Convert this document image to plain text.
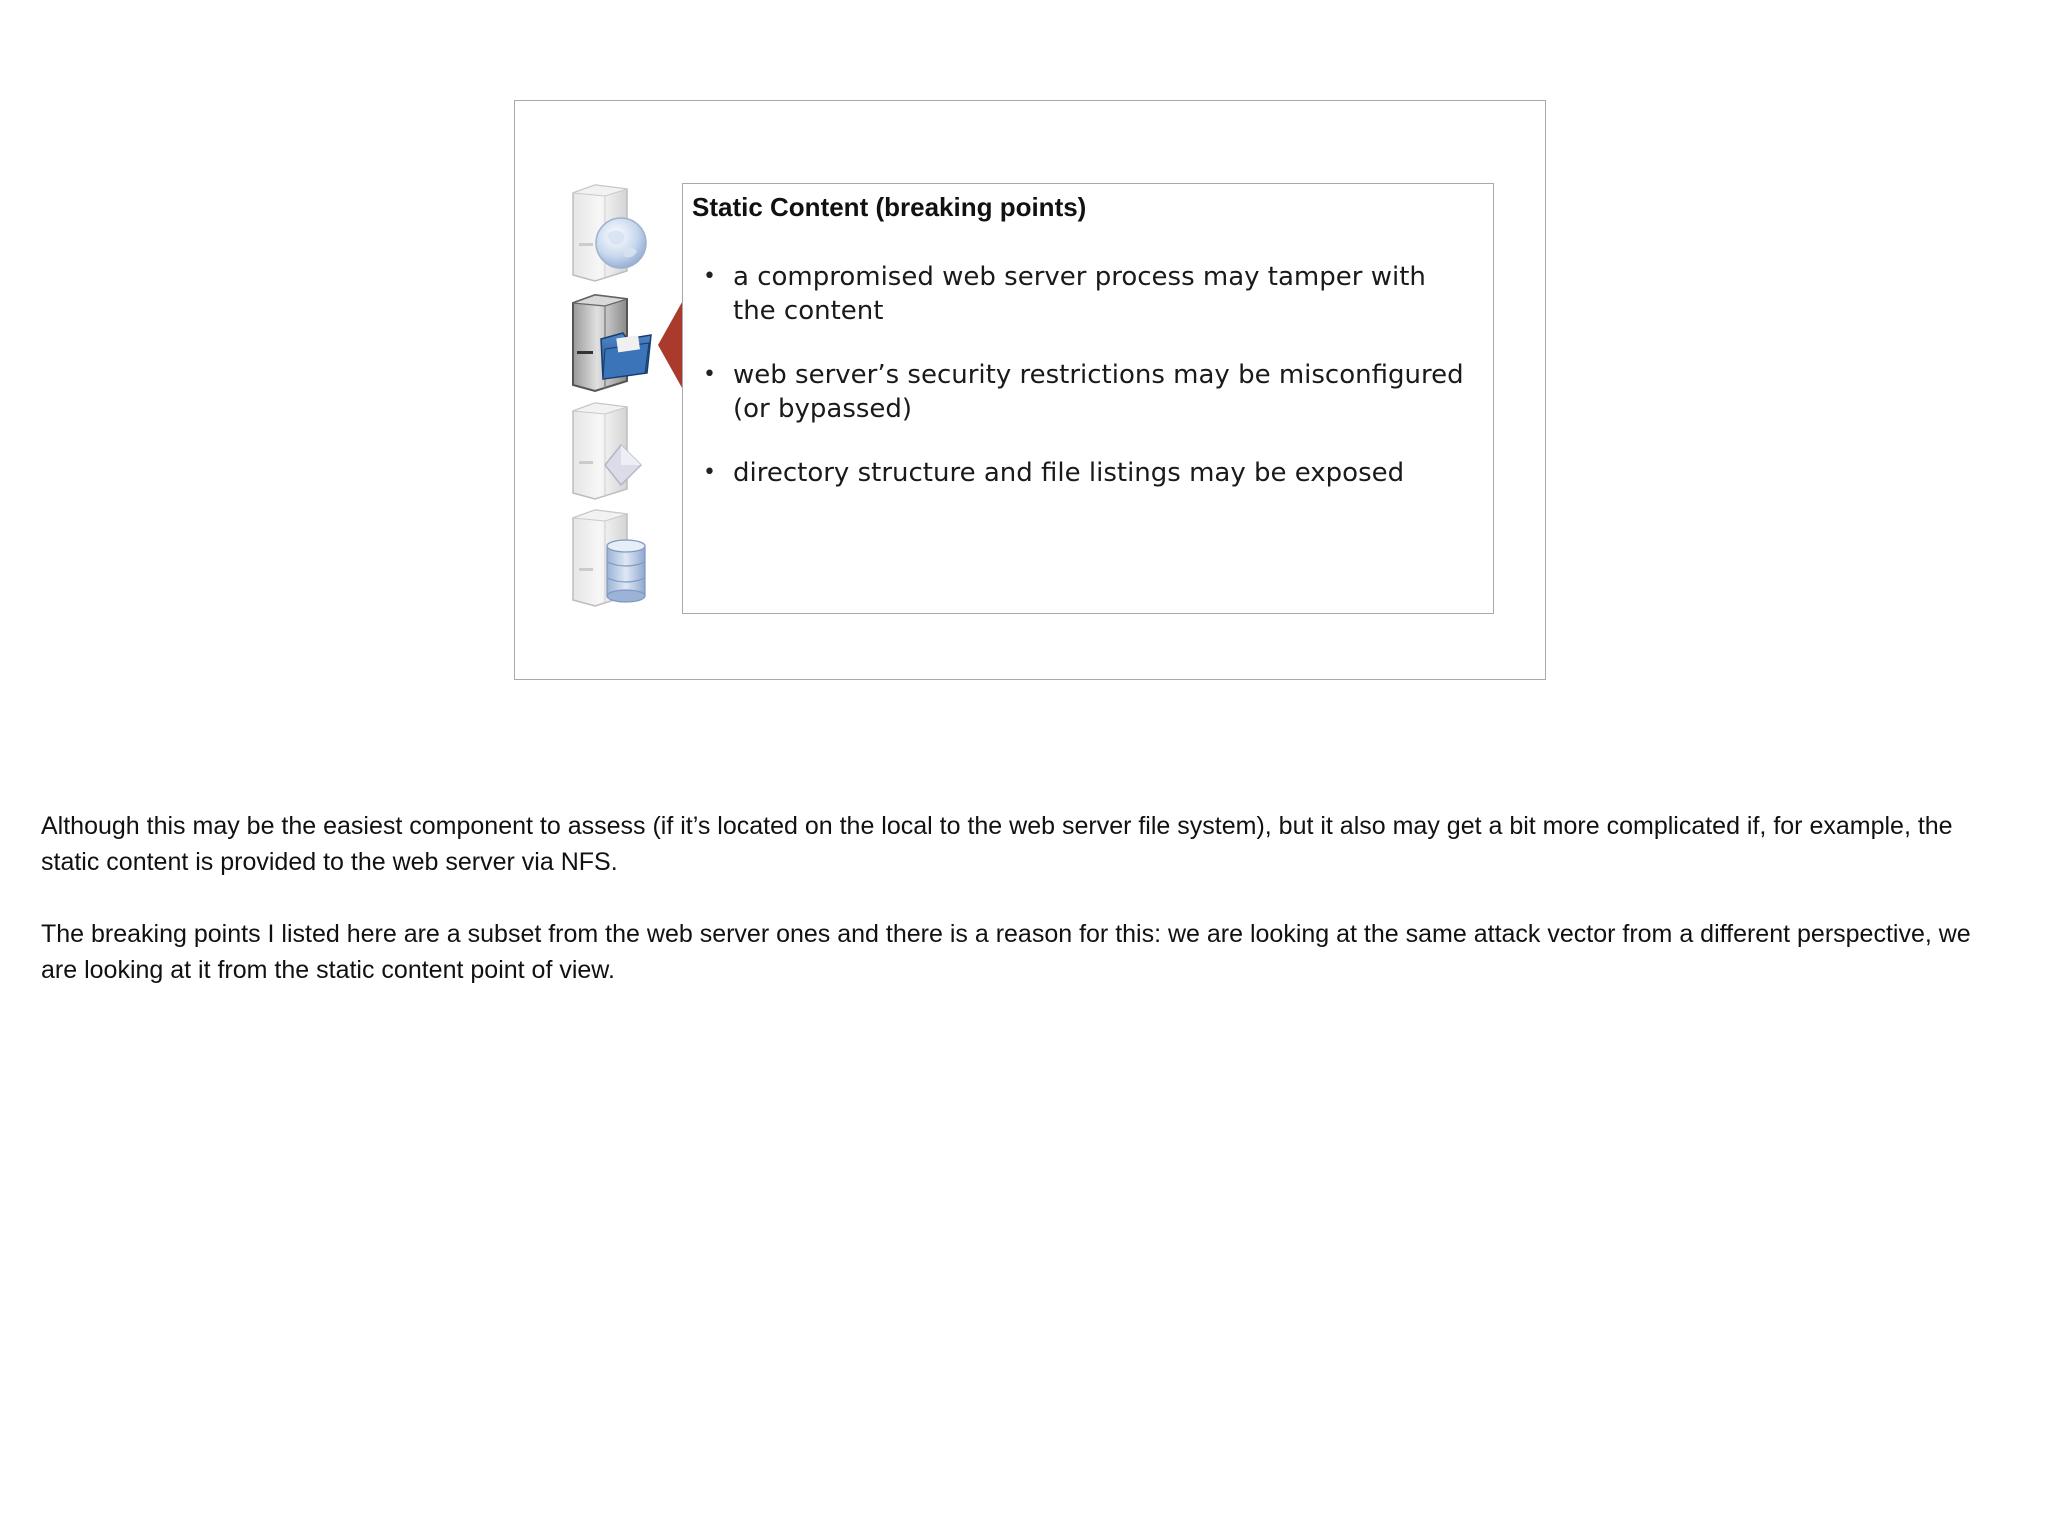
Static Content (breaking points)
• a compromised web server process may tamper with the content
• web server’s security restrictions may be misconfigured (or bypassed)
• directory structure and file listings may be exposed

Although this may be the easiest component to assess (if it’s located on the local to the web server file system), but it also may get a bit more complicated if, for example, the static content is provided to the web server via NFS.

The breaking points I listed here are a subset from the web server ones and there is a reason for this: we are looking at the same attack vector from a different perspective, we are looking at it from the static content point of view.
